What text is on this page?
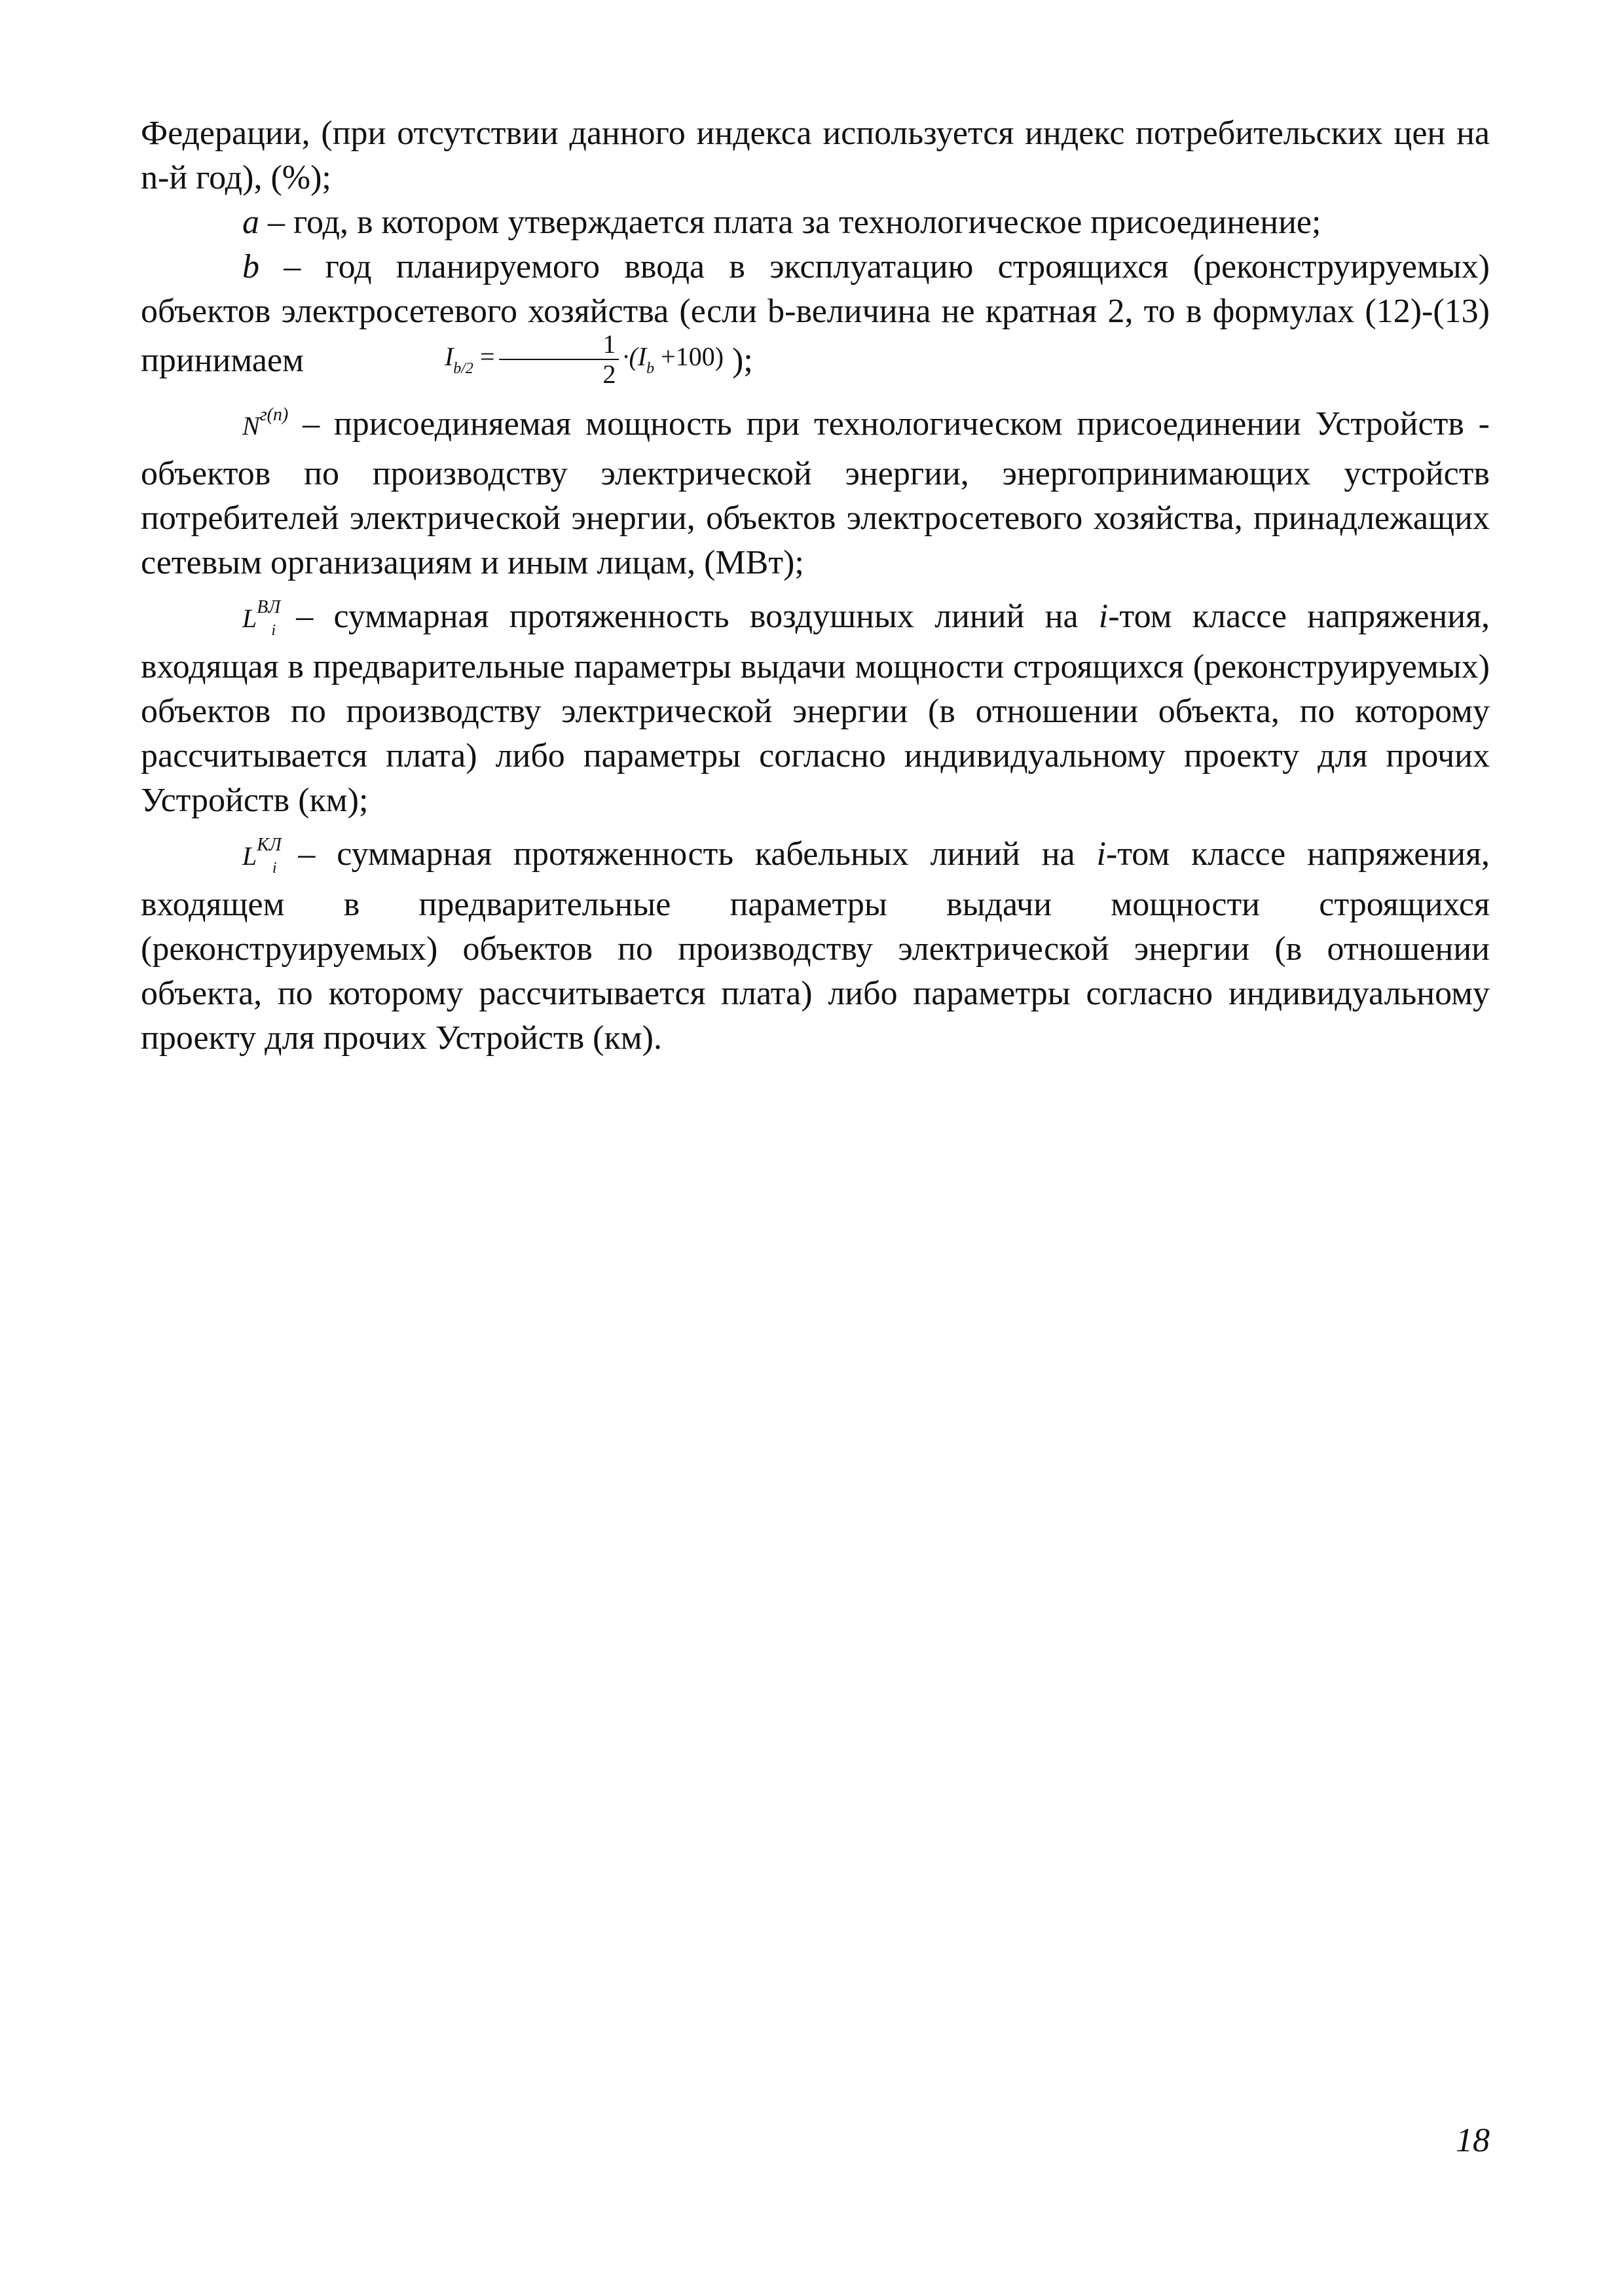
Федерации, (при отсутствии данного индекса используется индекс потребительских цен на n-й год), (%);

a – год, в котором утверждается плата за технологическое присоединение;

b – год планируемого ввода в эксплуатацию строящихся (реконструируемых) объектов электросетевого хозяйства (если b-величина не кратная 2, то в формулах (12)-(13) принимаем	$I_{b/2} = \frac{1}{2} \cdot(I_b +100)$ );

$N^{г(n)}$ – присоединяемая мощность при технологическом присоединении Устройств - объектов по производству электрической энергии, энергопринимающих устройств потребителей электрической энергии, объектов электросетевого хозяйства, принадлежащих сетевым организациям и иным лицам, (МВт);

$L^{ВЛ}_i$ – суммарная протяженность воздушных линий на i-том классе напряжения, входящая в предварительные параметры выдачи мощности строящихся (реконструируемых) объектов по производству электрической энергии (в отношении объекта, по которому рассчитывается плата) либо параметры согласно индивидуальному проекту для прочих Устройств (км);

$L^{КЛ}_i$ – суммарная протяженность кабельных линий на i-том классе напряжения, входящем в предварительные параметры выдачи мощности строящихся (реконструируемых) объектов по производству электрической энергии (в отношении объекта, по которому рассчитывается плата) либо параметры согласно индивидуальному проекту для прочих Устройств (км).

18
